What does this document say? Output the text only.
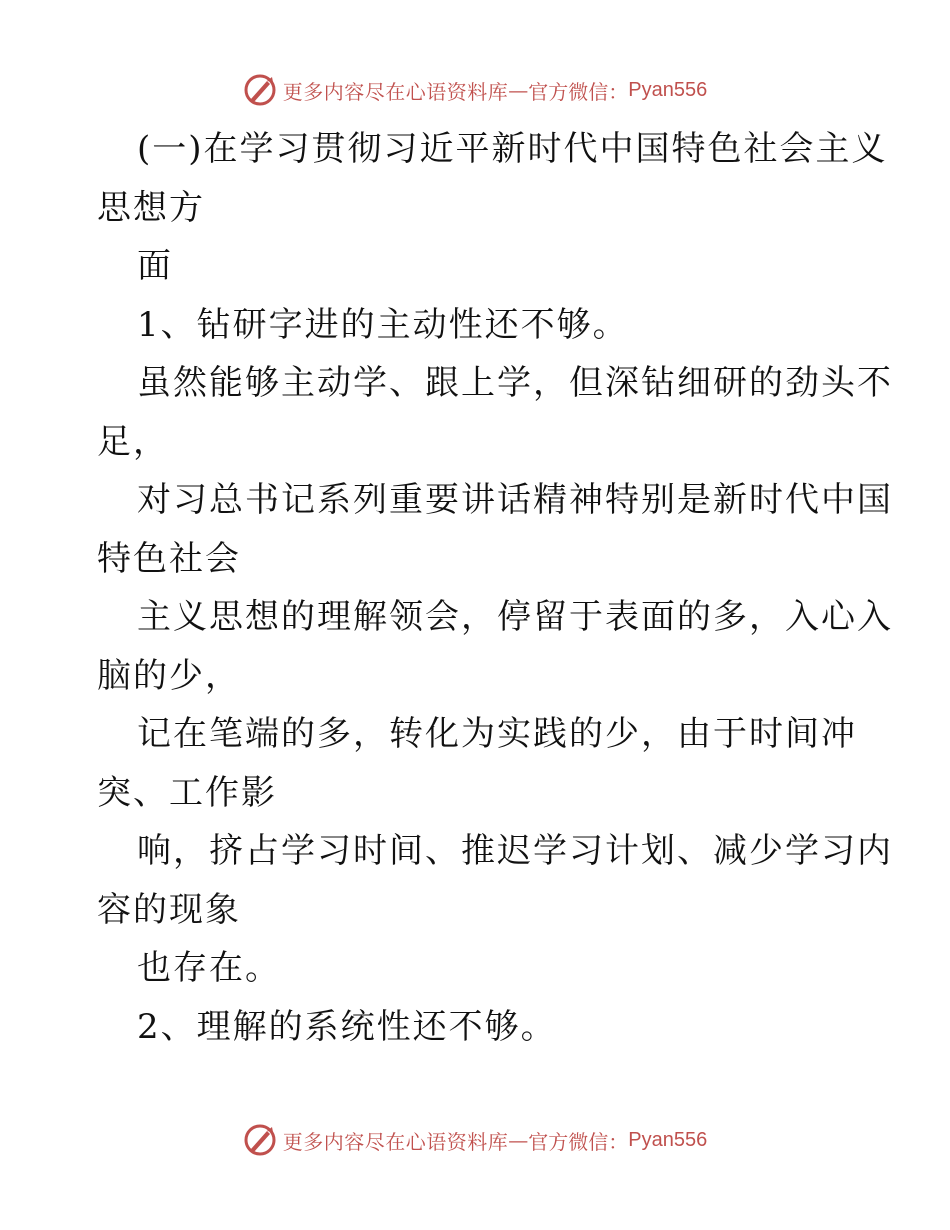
更多内容尽在心语资料库 — 官方微信： Pyan556
(一)在学习贯彻习近平新时代中国特色社会主义
思想方
面
1、钻研字进的主动性还不够。
虽然能够主动学、跟上学，但深钻细研的劲头不
足，
对习总书记系列重要讲话精神特别是新时代中国
特色社会
主义思想的理解领会，停留于表面的多，入心入
脑的少，
记在笔端的多，转化为实践的少，由于时间冲
突、工作影
响，挤占学习时间、推迟学习计划、减少学习内
容的现象
也存在。
2、理解的系统性还不够。
更多内容尽在心语资料库 — 官方微信： Pyan556
